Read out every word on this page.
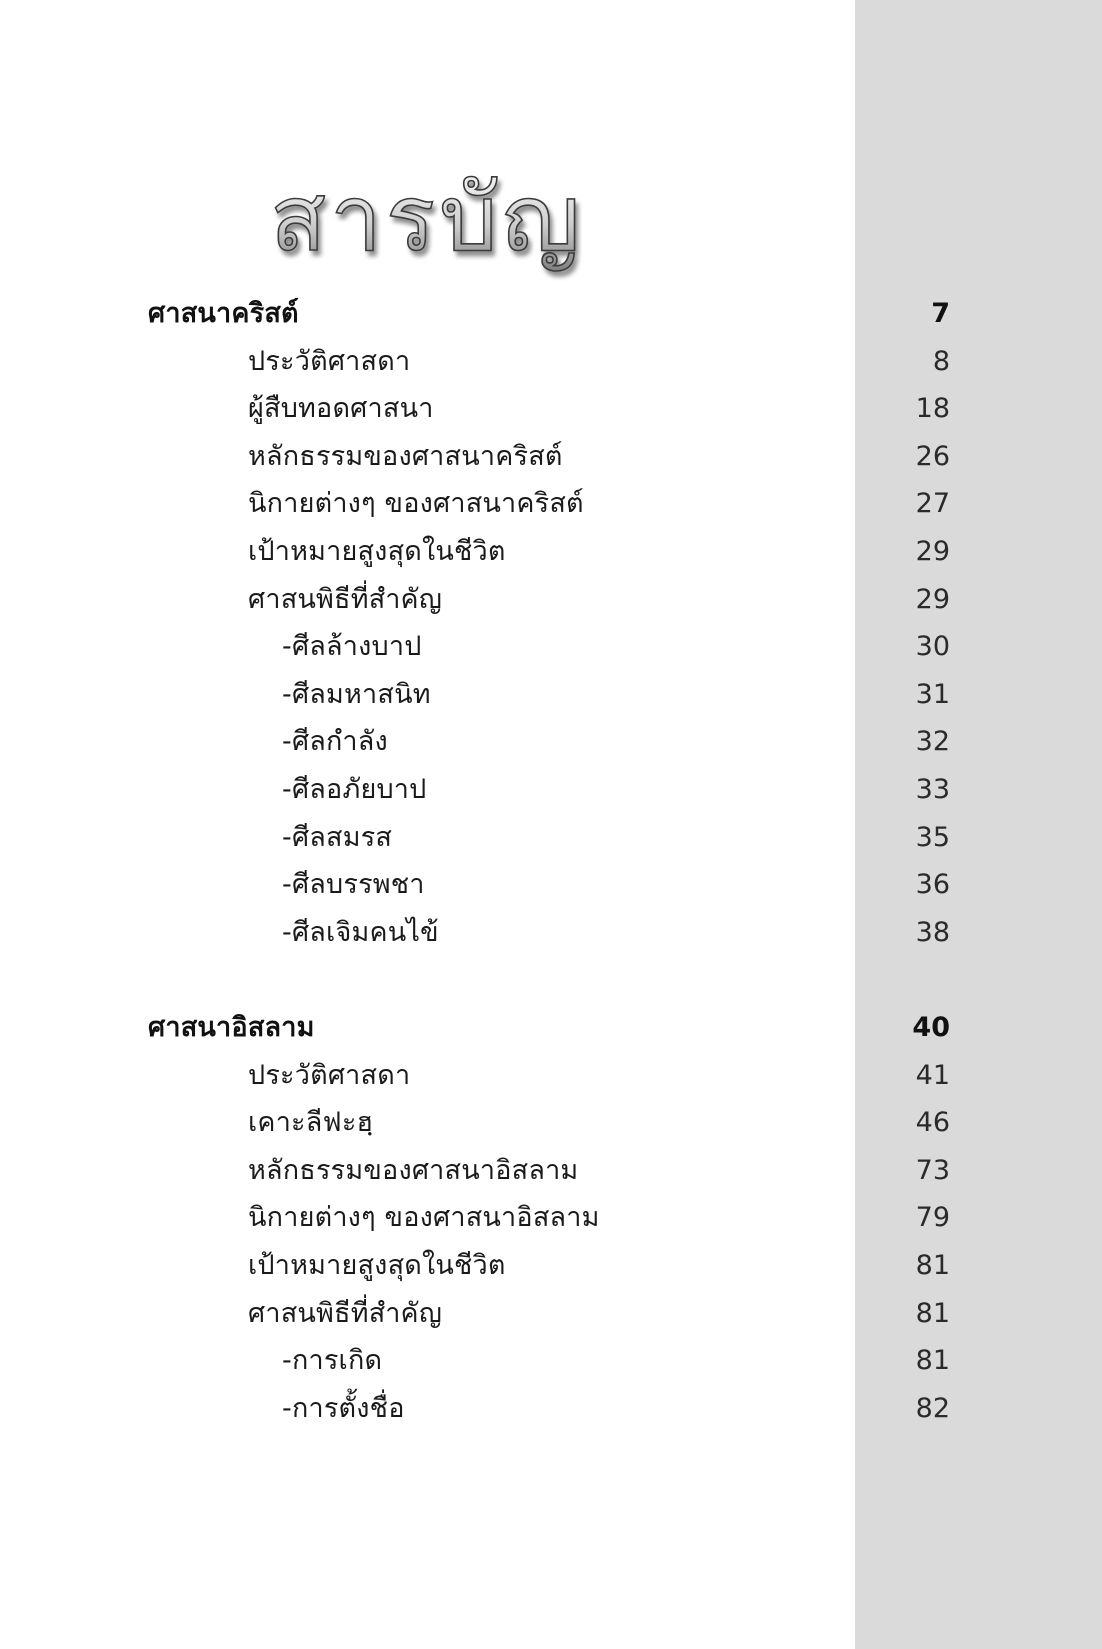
สารบัญ
ศาสนาคริสต์	7
ประวัติศาสดา	8
ผู้สืบทอดศาสนา	18
หลักธรรมของศาสนาคริสต์	26
นิกายต่างๆ ของศาสนาคริสต์	27
เป้าหมายสูงสุดในชีวิต	29
ศาสนพิธีที่สำคัญ	29
-ศีลล้างบาป	30
-ศีลมหาสนิท	31
-ศีลกำลัง	32
-ศีลอภัยบาป	33
-ศีลสมรส	35
-ศีลบรรพชา	36
-ศีลเจิมคนไข้	38
ศาสนาอิสลาม	40
ประวัติศาสดา	41
เคาะลีฟะฮฺ	46
หลักธรรมของศาสนาอิสลาม	73
นิกายต่างๆ ของศาสนาอิสลาม	79
เป้าหมายสูงสุดในชีวิต	81
ศาสนพิธีที่สำคัญ	81
-การเกิด	81
-การตั้งชื่อ	82
